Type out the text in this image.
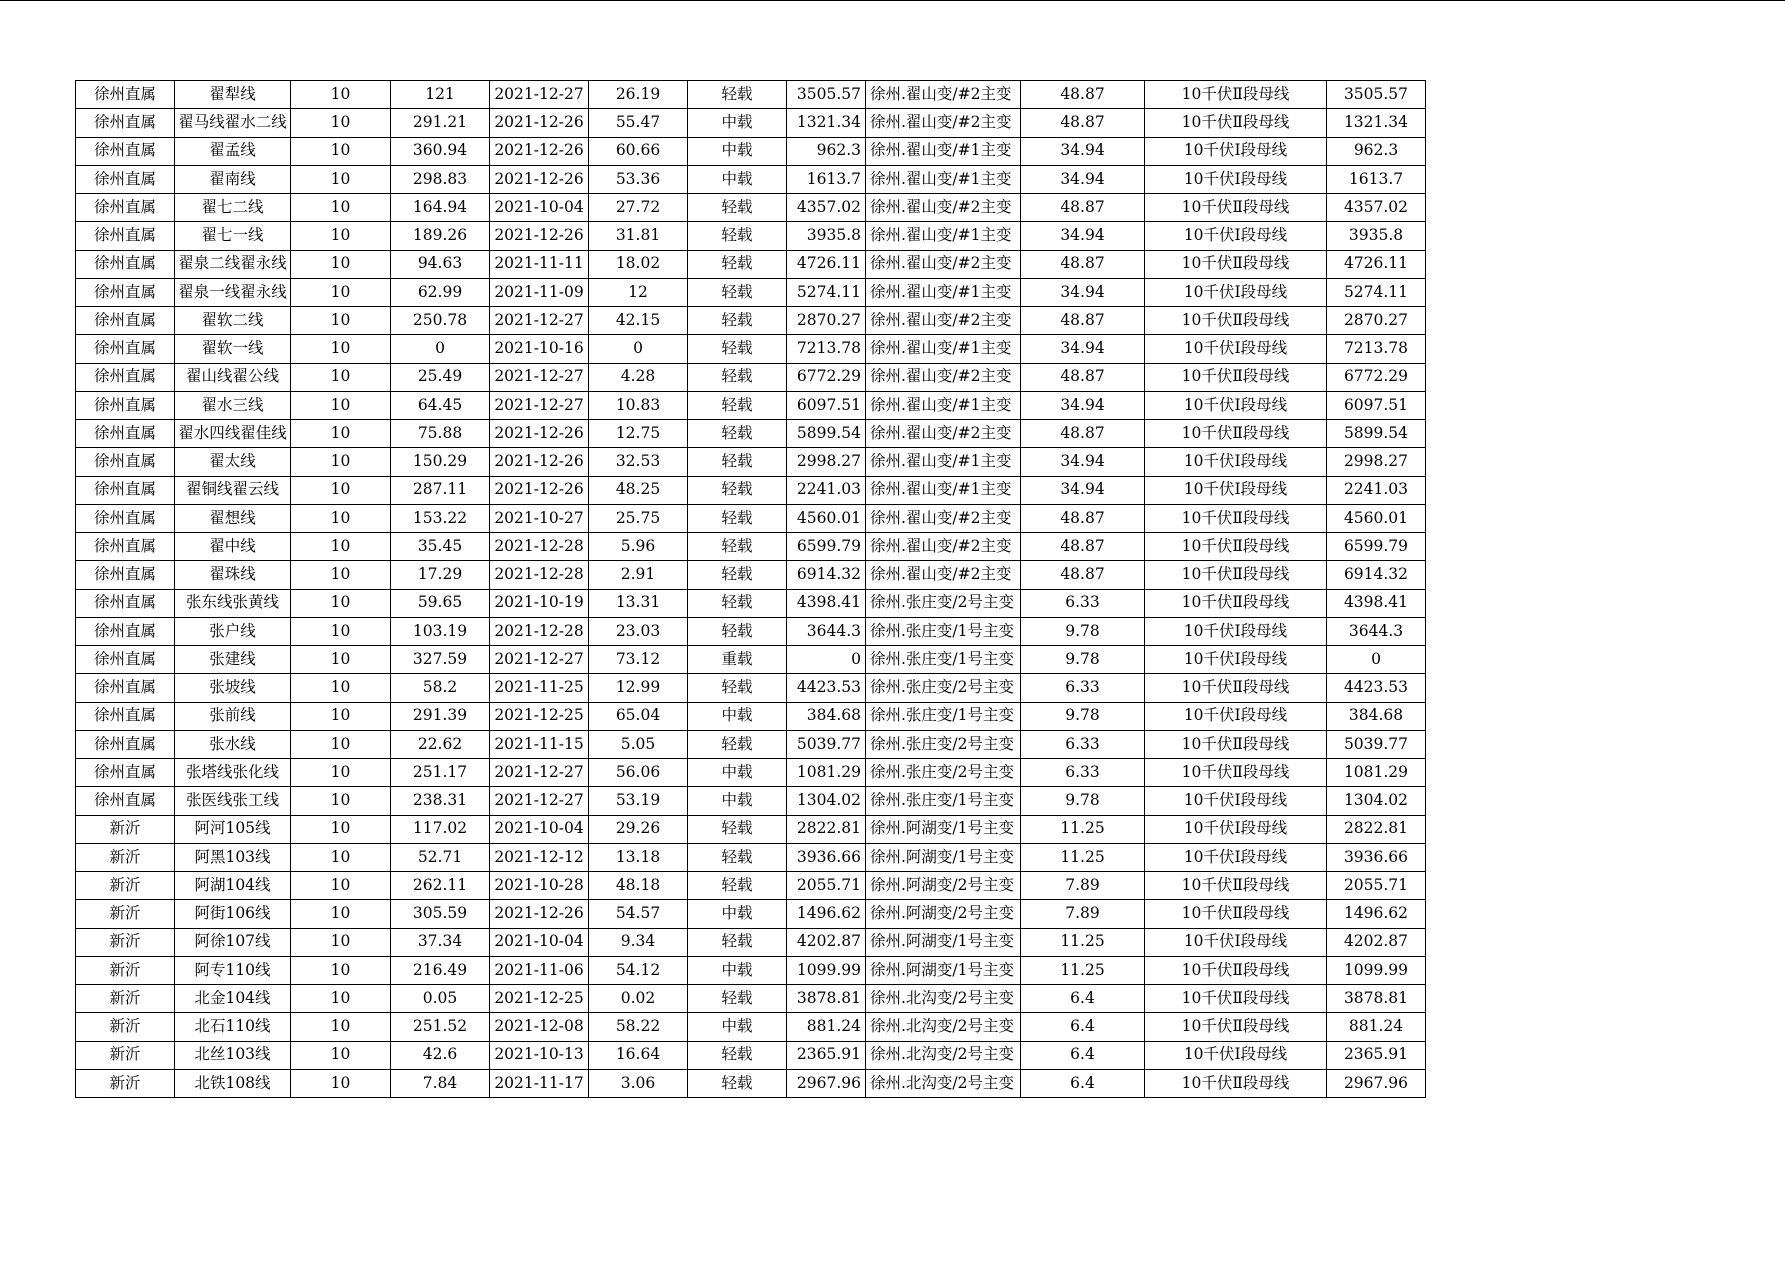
徐州直属	翟犁线	10	121	2021-12-27	26.19	轻载	3505.57	徐州.翟山变/#2主变	48.87	10千伏Ⅱ段母线	3505.57
徐州直属	翟马线翟水二线	10	291.21	2021-12-26	55.47	中载	1321.34	徐州.翟山变/#2主变	48.87	10千伏Ⅱ段母线	1321.34
徐州直属	翟孟线	10	360.94	2021-12-26	60.66	中载	962.3	徐州.翟山变/#1主变	34.94	10千伏Ⅰ段母线	962.3
徐州直属	翟南线	10	298.83	2021-12-26	53.36	中载	1613.7	徐州.翟山变/#1主变	34.94	10千伏Ⅰ段母线	1613.7
徐州直属	翟七二线	10	164.94	2021-10-04	27.72	轻载	4357.02	徐州.翟山变/#2主变	48.87	10千伏Ⅱ段母线	4357.02
徐州直属	翟七一线	10	189.26	2021-12-26	31.81	轻载	3935.8	徐州.翟山变/#1主变	34.94	10千伏Ⅰ段母线	3935.8
徐州直属	翟泉二线翟永线	10	94.63	2021-11-11	18.02	轻载	4726.11	徐州.翟山变/#2主变	48.87	10千伏Ⅱ段母线	4726.11
徐州直属	翟泉一线翟永线	10	62.99	2021-11-09	12	轻载	5274.11	徐州.翟山变/#1主变	34.94	10千伏Ⅰ段母线	5274.11
徐州直属	翟软二线	10	250.78	2021-12-27	42.15	轻载	2870.27	徐州.翟山变/#2主变	48.87	10千伏Ⅱ段母线	2870.27
徐州直属	翟软一线	10	0	2021-10-16	0	轻载	7213.78	徐州.翟山变/#1主变	34.94	10千伏Ⅰ段母线	7213.78
徐州直属	翟山线翟公线	10	25.49	2021-12-27	4.28	轻载	6772.29	徐州.翟山变/#2主变	48.87	10千伏Ⅱ段母线	6772.29
徐州直属	翟水三线	10	64.45	2021-12-27	10.83	轻载	6097.51	徐州.翟山变/#1主变	34.94	10千伏Ⅰ段母线	6097.51
徐州直属	翟水四线翟佳线	10	75.88	2021-12-26	12.75	轻载	5899.54	徐州.翟山变/#2主变	48.87	10千伏Ⅱ段母线	5899.54
徐州直属	翟太线	10	150.29	2021-12-26	32.53	轻载	2998.27	徐州.翟山变/#1主变	34.94	10千伏Ⅰ段母线	2998.27
徐州直属	翟铜线翟云线	10	287.11	2021-12-26	48.25	轻载	2241.03	徐州.翟山变/#1主变	34.94	10千伏Ⅰ段母线	2241.03
徐州直属	翟想线	10	153.22	2021-10-27	25.75	轻载	4560.01	徐州.翟山变/#2主变	48.87	10千伏Ⅱ段母线	4560.01
徐州直属	翟中线	10	35.45	2021-12-28	5.96	轻载	6599.79	徐州.翟山变/#2主变	48.87	10千伏Ⅱ段母线	6599.79
徐州直属	翟珠线	10	17.29	2021-12-28	2.91	轻载	6914.32	徐州.翟山变/#2主变	48.87	10千伏Ⅱ段母线	6914.32
徐州直属	张东线张黄线	10	59.65	2021-10-19	13.31	轻载	4398.41	徐州.张庄变/2号主变	6.33	10千伏Ⅱ段母线	4398.41
徐州直属	张户线	10	103.19	2021-12-28	23.03	轻载	3644.3	徐州.张庄变/1号主变	9.78	10千伏Ⅰ段母线	3644.3
徐州直属	张建线	10	327.59	2021-12-27	73.12	重载	0	徐州.张庄变/1号主变	9.78	10千伏Ⅰ段母线	0
徐州直属	张坡线	10	58.2	2021-11-25	12.99	轻载	4423.53	徐州.张庄变/2号主变	6.33	10千伏Ⅱ段母线	4423.53
徐州直属	张前线	10	291.39	2021-12-25	65.04	中载	384.68	徐州.张庄变/1号主变	9.78	10千伏Ⅰ段母线	384.68
徐州直属	张水线	10	22.62	2021-11-15	5.05	轻载	5039.77	徐州.张庄变/2号主变	6.33	10千伏Ⅱ段母线	5039.77
徐州直属	张塔线张化线	10	251.17	2021-12-27	56.06	中载	1081.29	徐州.张庄变/2号主变	6.33	10千伏Ⅱ段母线	1081.29
徐州直属	张医线张工线	10	238.31	2021-12-27	53.19	中载	1304.02	徐州.张庄变/1号主变	9.78	10千伏Ⅰ段母线	1304.02
新沂	阿河105线	10	117.02	2021-10-04	29.26	轻载	2822.81	徐州.阿湖变/1号主变	11.25	10千伏Ⅰ段母线	2822.81
新沂	阿黑103线	10	52.71	2021-12-12	13.18	轻载	3936.66	徐州.阿湖变/1号主变	11.25	10千伏Ⅰ段母线	3936.66
新沂	阿湖104线	10	262.11	2021-10-28	48.18	轻载	2055.71	徐州.阿湖变/2号主变	7.89	10千伏Ⅱ段母线	2055.71
新沂	阿街106线	10	305.59	2021-12-26	54.57	中载	1496.62	徐州.阿湖变/2号主变	7.89	10千伏Ⅱ段母线	1496.62
新沂	阿徐107线	10	37.34	2021-10-04	9.34	轻载	4202.87	徐州.阿湖变/1号主变	11.25	10千伏Ⅰ段母线	4202.87
新沂	阿专110线	10	216.49	2021-11-06	54.12	中载	1099.99	徐州.阿湖变/1号主变	11.25	10千伏Ⅱ段母线	1099.99
新沂	北金104线	10	0.05	2021-12-25	0.02	轻载	3878.81	徐州.北沟变/2号主变	6.4	10千伏Ⅱ段母线	3878.81
新沂	北石110线	10	251.52	2021-12-08	58.22	中载	881.24	徐州.北沟变/2号主变	6.4	10千伏Ⅱ段母线	881.24
新沂	北丝103线	10	42.6	2021-10-13	16.64	轻载	2365.91	徐州.北沟变/2号主变	6.4	10千伏Ⅰ段母线	2365.91
新沂	北铁108线	10	7.84	2021-11-17	3.06	轻载	2967.96	徐州.北沟变/2号主变	6.4	10千伏Ⅱ段母线	2967.96
